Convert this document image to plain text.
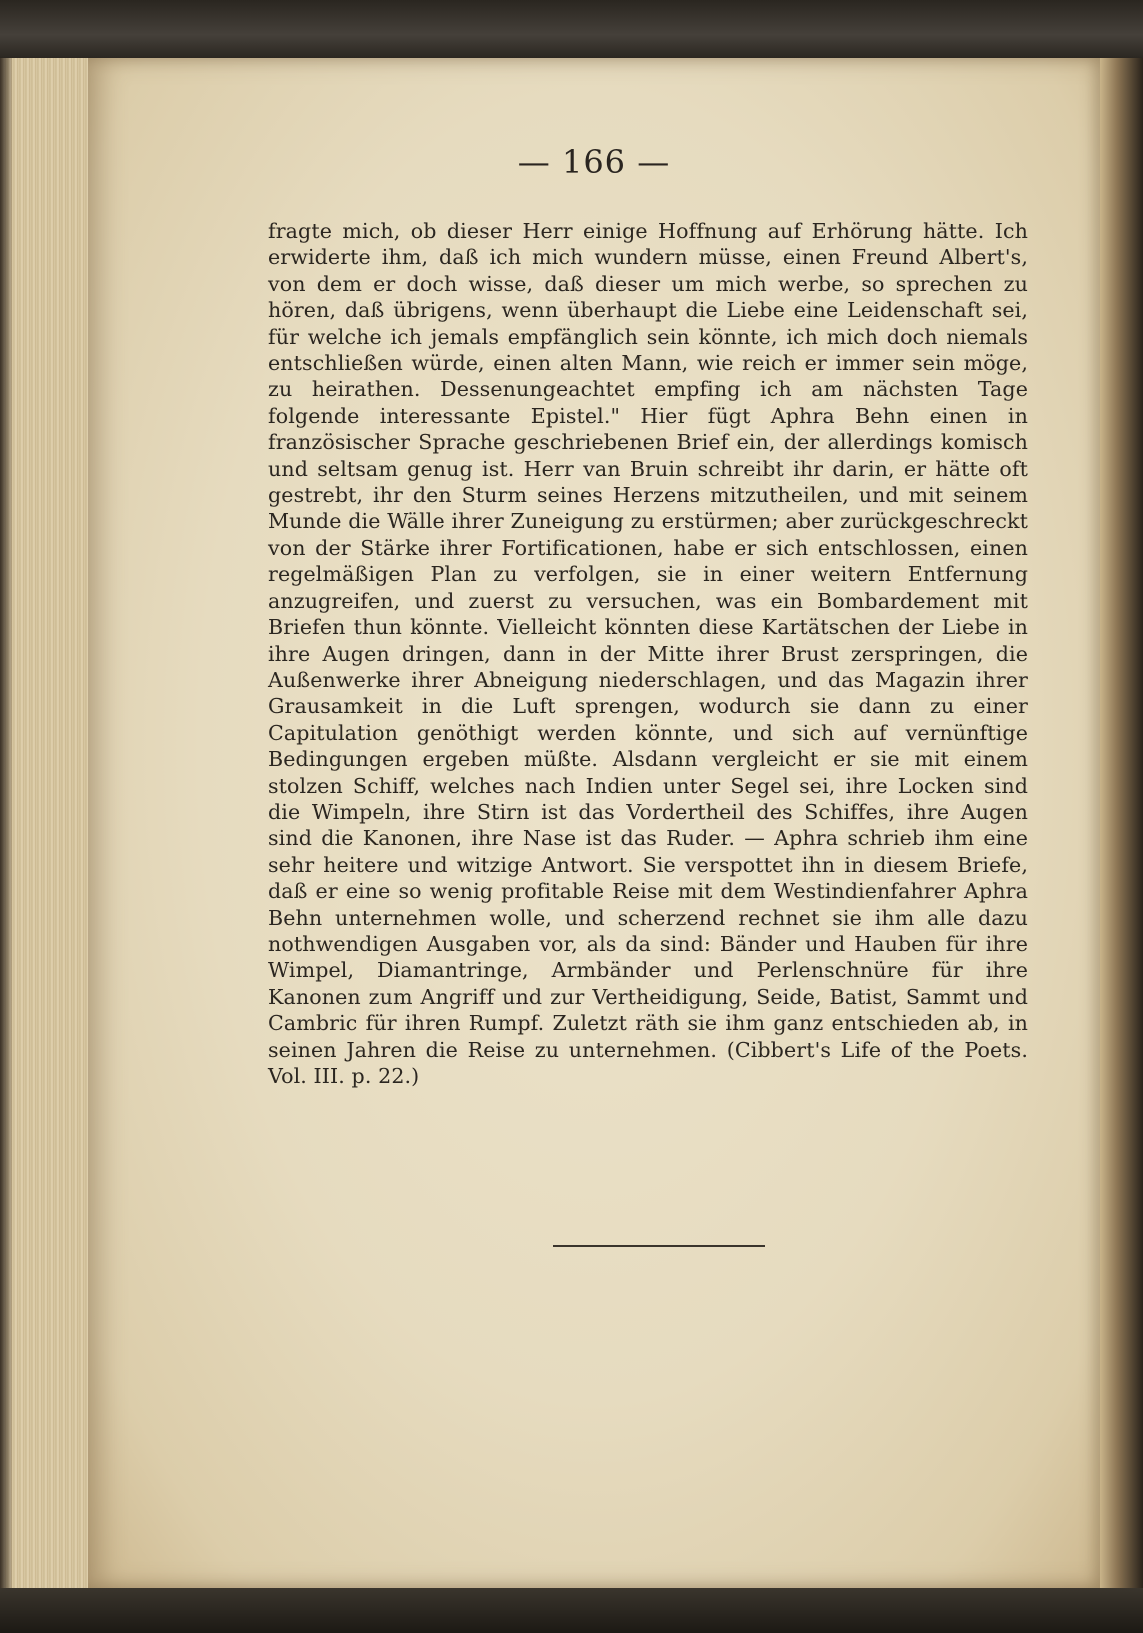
— 166 —

fragte mich, ob dieser Herr einige Hoffnung auf Erhörung hätte. Ich erwiderte ihm, daß ich mich wundern müsse, einen Freund Albert's, von dem er doch wisse, daß dieser um mich werbe, so sprechen zu hören, daß übrigens, wenn überhaupt die Liebe eine Leidenschaft sei, für welche ich jemals empfänglich sein könnte, ich mich doch niemals entschließen würde, einen alten Mann, wie reich er immer sein möge, zu heirathen. Dessenungeachtet empfing ich am nächsten Tage folgende interessante Epistel." Hier fügt Aphra Behn einen in französischer Sprache geschriebenen Brief ein, der allerdings komisch und seltsam genug ist. Herr van Bruin schreibt ihr darin, er hätte oft gestrebt, ihr den Sturm seines Herzens mitzutheilen, und mit seinem Munde die Wälle ihrer Zuneigung zu erstürmen; aber zurückgeschreckt von der Stärke ihrer Fortificationen, habe er sich entschlossen, einen regelmäßigen Plan zu verfolgen, sie in einer weitern Entfernung anzugreifen, und zuerst zu versuchen, was ein Bombardement mit Briefen thun könnte. Vielleicht könnten diese Kartätschen der Liebe in ihre Augen dringen, dann in der Mitte ihrer Brust zerspringen, die Außenwerke ihrer Abneigung niederschlagen, und das Magazin ihrer Grausamkeit in die Luft sprengen, wodurch sie dann zu einer Capitulation genöthigt werden könnte, und sich auf vernünftige Bedingungen ergeben müßte. Alsdann vergleicht er sie mit einem stolzen Schiff, welches nach Indien unter Segel sei, ihre Locken sind die Wimpeln, ihre Stirn ist das Vordertheil des Schiffes, ihre Augen sind die Kanonen, ihre Nase ist das Ruder. — Aphra schrieb ihm eine sehr heitere und witzige Antwort. Sie verspottet ihn in diesem Briefe, daß er eine so wenig profitable Reise mit dem Westindienfahrer Aphra Behn unternehmen wolle, und scherzend rechnet sie ihm alle dazu nothwendigen Ausgaben vor, als da sind: Bänder und Hauben für ihre Wimpel, Diamantringe, Armbänder und Perlenschnüre für ihre Kanonen zum Angriff und zur Vertheidigung, Seide, Batist, Sammt und Cambric für ihren Rumpf. Zuletzt räth sie ihm ganz entschieden ab, in seinen Jahren die Reise zu unternehmen. (Cibbert's Life of the Poets. Vol. III. p. 22.)
